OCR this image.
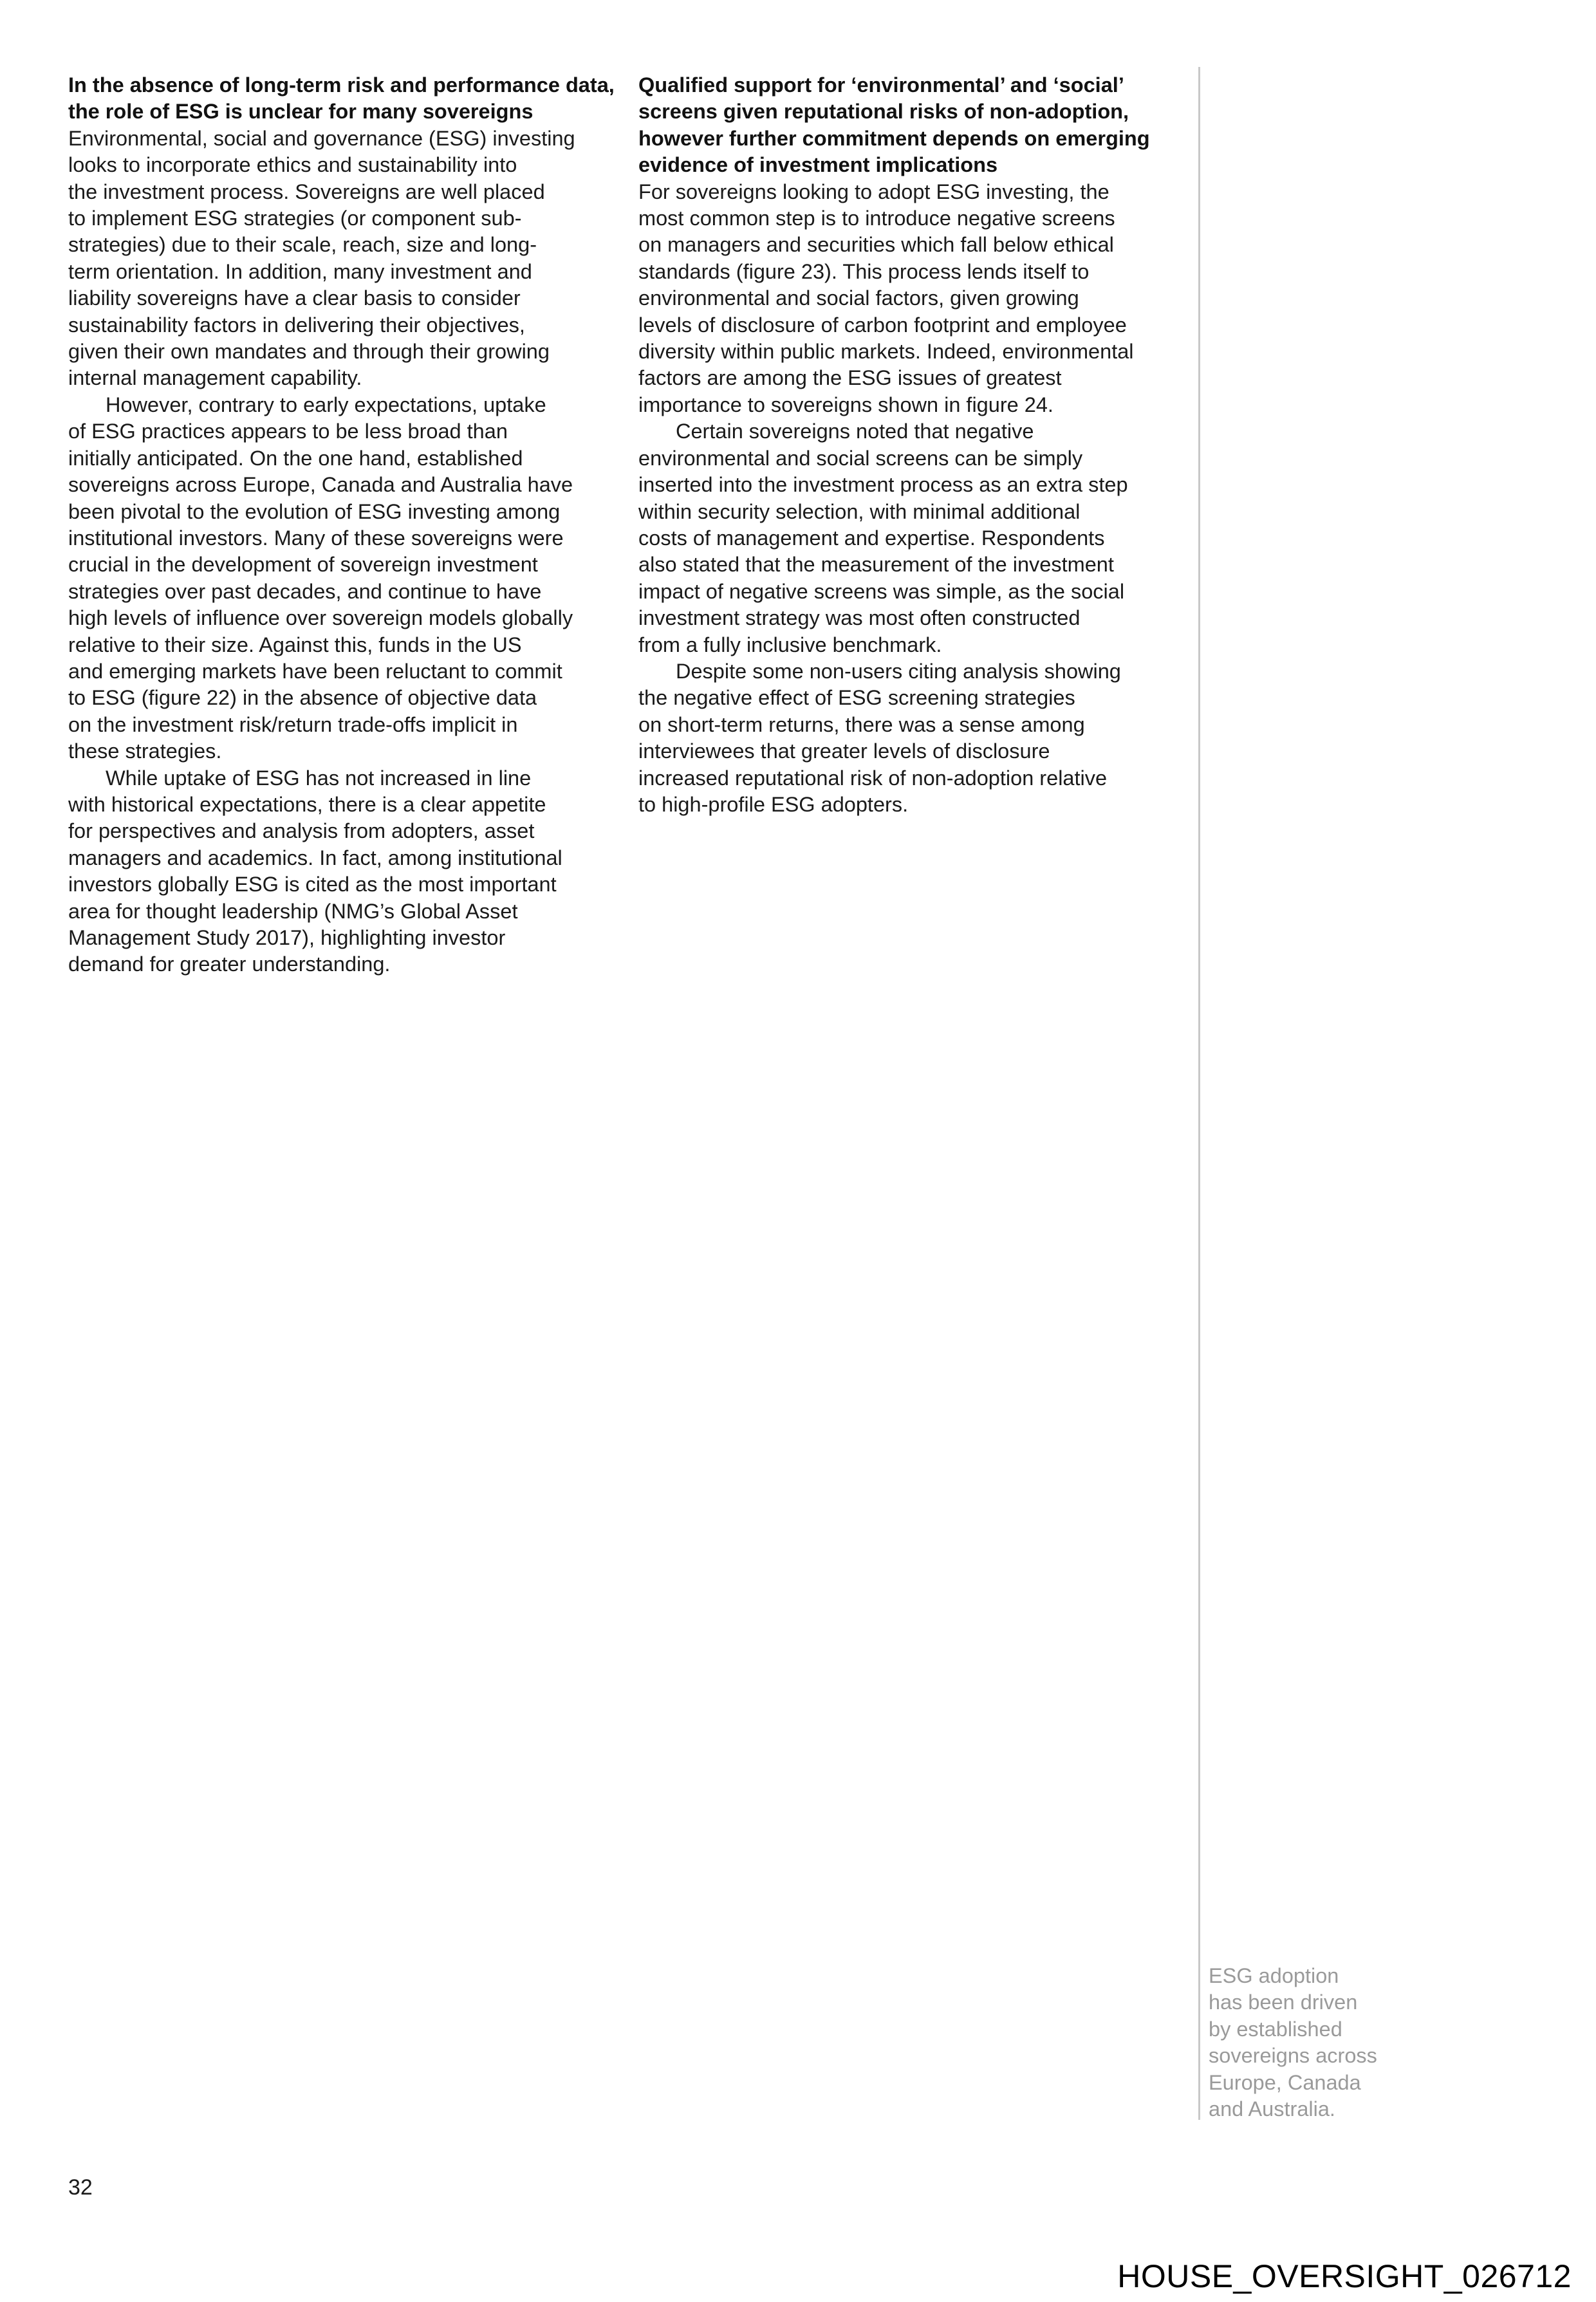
In the absence of long-term risk and performance data, the role of ESG is unclear for many sovereigns

Environmental, social and governance (ESG) investing
looks to incorporate ethics and sustainability into
the investment process. Sovereigns are well placed
to implement ESG strategies (or component sub-
strategies) due to their scale, reach, size and long-
term orientation. In addition, many investment and
liability sovereigns have a clear basis to consider
sustainability factors in delivering their objectives,
given their own mandates and through their growing
internal management capability.

However, contrary to early expectations, uptake
of ESG practices appears to be less broad than
initially anticipated. On the one hand, established
sovereigns across Europe, Canada and Australia have
been pivotal to the evolution of ESG investing among
institutional investors. Many of these sovereigns were
crucial in the development of sovereign investment
strategies over past decades, and continue to have
high levels of influence over sovereign models globally
relative to their size. Against this, funds in the US
and emerging markets have been reluctant to commit
to ESG (figure 22) in the absence of objective data
on the investment risk/return trade-offs implicit in
these strategies.

While uptake of ESG has not increased in line
with historical expectations, there is a clear appetite
for perspectives and analysis from adopters, asset
managers and academics. In fact, among institutional
investors globally ESG is cited as the most important
area for thought leadership (NMG’s Global Asset
Management Study 2017), highlighting investor
demand for greater understanding.

Qualified support for ‘environmental’ and ‘social’ screens given reputational risks of non-adoption, however further commitment depends on emerging evidence of investment implications

For sovereigns looking to adopt ESG investing, the
most common step is to introduce negative screens
on managers and securities which fall below ethical
standards (figure 23). This process lends itself to
environmental and social factors, given growing
levels of disclosure of carbon footprint and employee
diversity within public markets. Indeed, environmental
factors are among the ESG issues of greatest
importance to sovereigns shown in figure 24.

Certain sovereigns noted that negative
environmental and social screens can be simply
inserted into the investment process as an extra step
within security selection, with minimal additional
costs of management and expertise. Respondents
also stated that the measurement of the investment
impact of negative screens was simple, as the social
investment strategy was most often constructed
from a fully inclusive benchmark.

Despite some non-users citing analysis showing
the negative effect of ESG screening strategies
on short-term returns, there was a sense among
interviewees that greater levels of disclosure
increased reputational risk of non-adoption relative
to high-profile ESG adopters.

ESG adoption
has been driven
by established
sovereigns across
Europe, Canada
and Australia.
32
HOUSE_OVERSIGHT_026712
